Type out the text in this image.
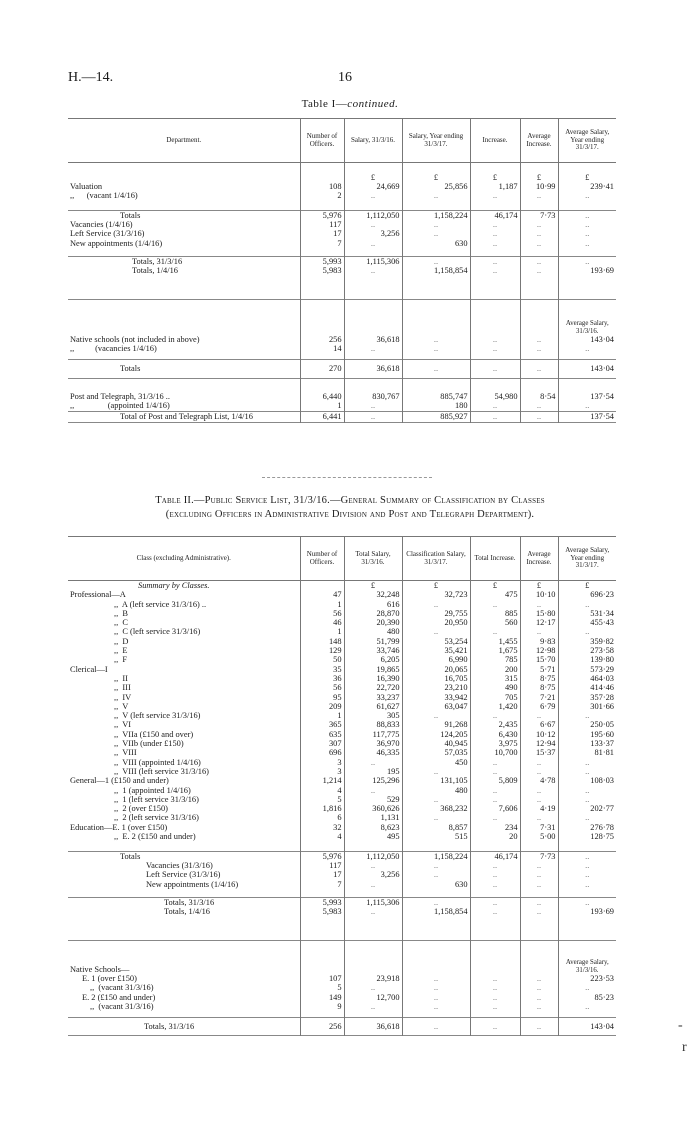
H.—14.	16
Table I—continued.
Department.	Number of Officers.	Salary, 31/3/16.	Salary, Year ending 31/3/17.	Increase.	Average Increase.	Average Salary, Year ending 31/3/17.

		£	£	£	£	£
Valuation	108	24,669	25,856	1,187	10·99	239·41
,,      (vacant 1/4/16)	2	..	..	..	..	..

Totals	5,976	1,112,050	1,158,224	46,174	7·73	..
Vacancies (1/4/16)	117	..	..	..	..	..
Left Service (31/3/16)	17	3,256	..	..	..	..
New appointments (1/4/16)	7	..	630	..	..	..

Totals, 31/3/16	5,993	1,115,306	..	..	..	..
Totals, 1/4/16	5,983	..	1,158,854	..	..	193·69

						Average Salary, 31/3/16.
Native schools (not included in above)	256	36,618	..	..	..	143·04
,,          (vacancies 1/4/16)	14	..	..	..	..	..

Totals	270	36,618	..	..	..	143·04

Post and Telegraph, 31/3/16 ..	6,440	830,767	885,747	54,980	8·54	137·54
,,                (appointed 1/4/16)	1	..	180	..	..	..
Total of Post and Telegraph List, 1/4/16	6,441	..	885,927	..	..	137·54
Table II.—Public Service List, 31/3/16.—General Summary of Classification by Classes
(excluding Officers in Administrative Division and Post and Telegraph Department).
Class (excluding Administrative).	Number of Officers.	Total Salary, 31/3/16.	Classification Salary, 31/3/17.	Total Increase.	Average Increase.	Average Salary, Year ending 31/3/17.
Summary by Classes.		£	£	£	£	£
Professional—A	47	32,248	32,723	475	10·10	696·23
,,  A (left service 31/3/16) ..	1	616	..	..	..	..
,,  B	56	28,870	29,755	885	15·80	531·34
,,  C	46	20,390	20,950	560	12·17	455·43
,,  C (left service 31/3/16)	1	480	..	..	..	..
,,  D	148	51,799	53,254	1,455	9·83	359·82
,,  E	129	33,746	35,421	1,675	12·98	273·58
,,  F	50	6,205	6,990	785	15·70	139·80
Clerical—I	35	19,865	20,065	200	5·71	573·29
,,  II	36	16,390	16,705	315	8·75	464·03
,,  III	56	22,720	23,210	490	8·75	414·46
,,  IV	95	33,237	33,942	705	7·21	357·28
,,  V	209	61,627	63,047	1,420	6·79	301·66
,,  V (left service 31/3/16)	1	305	..	..	..	..
,,  VI	365	88,833	91,268	2,435	6·67	250·05
,,  VIIa (£150 and over)	635	117,775	124,205	6,430	10·12	195·60
,,  VIIb (under £150)	307	36,970	40,945	3,975	12·94	133·37
,,  VIII	696	46,335	57,035	10,700	15·37	81·81
,,  VIII (appointed 1/4/16)	3	..	450	..	..	..
,,  VIII (left service 31/3/16)	3	195	..	..	..	..
General—1 (£150 and under)	1,214	125,296	131,105	5,809	4·78	108·03
,,  1 (appointed 1/4/16)	4	..	480	..	..	..
,,  1 (left service 31/3/16)	5	529	..	..	..	..
,,  2 (over £150)	1,816	360,626	368,232	7,606	4·19	202·77
,,  2 (left service 31/3/16)	6	1,131	..	..	..	..
Education—E. 1 (over £150)	32	8,623	8,857	234	7·31	276·78
,,  E. 2 (£150 and under)	4	495	515	20	5·00	128·75

Totals	5,976	1,112,050	1,158,224	46,174	7·73	..
Vacancies (31/3/16)	117	..	..	..	..	..
Left Service (31/3/16)	17	3,256	..	..	..	..
New appointments (1/4/16)	7	..	630	..	..	..

Totals, 31/3/16	5,993	1,115,306	..	..	..	..
Totals, 1/4/16	5,983	..	1,158,854	..	..	193·69

Native Schools—						Average Salary, 31/3/16.
E. 1 (over £150)	107	23,918	..	..	..	223·53
,,  (vacant 31/3/16)	5	..	..	..	..	..
E. 2 (£150 and under)	149	12,700	..	..	..	85·23
,,  (vacant 31/3/16)	9	..	..	..	..	..

Totals, 31/3/16	256	36,618	..	..	..	143·04	-
r
